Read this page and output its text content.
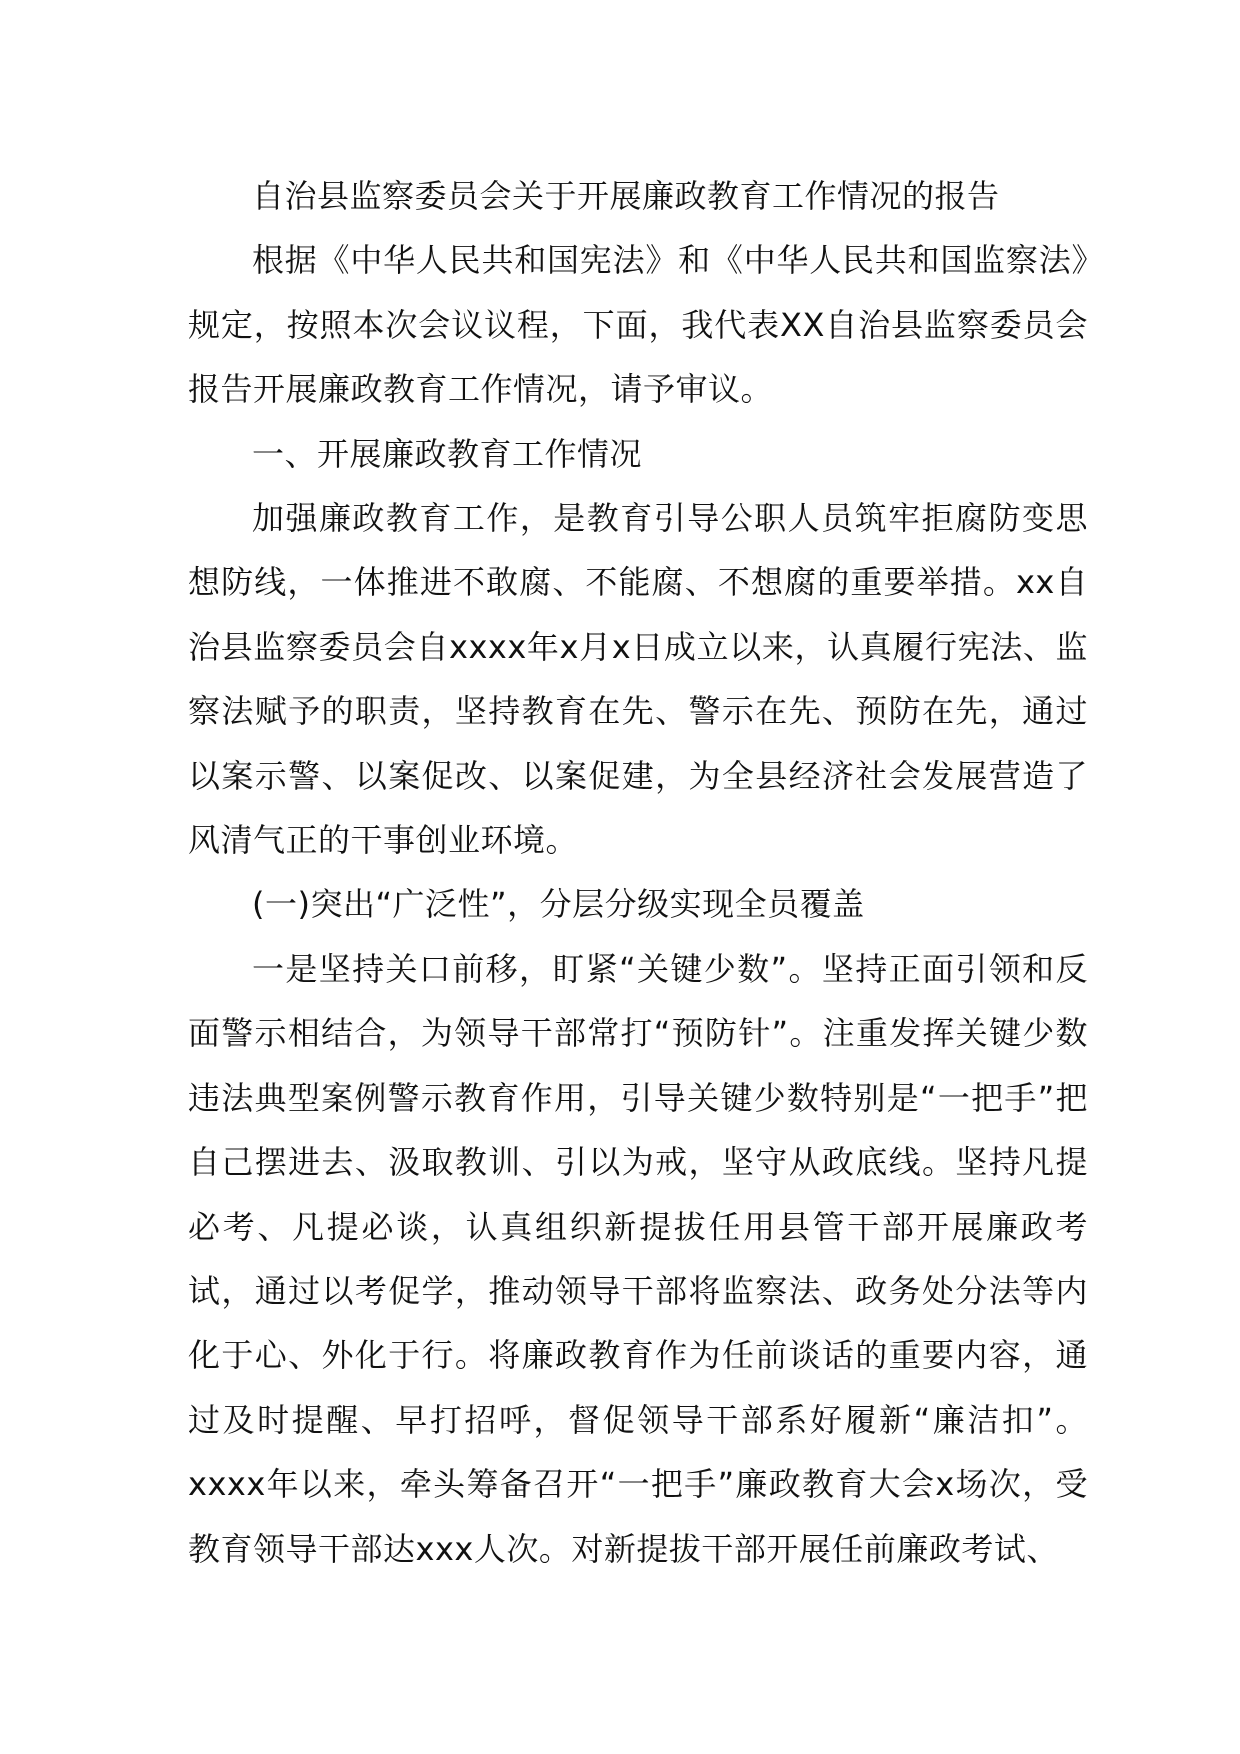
自治县监察委员会关于开展廉政教育工作情况的报告

根据《中华人民共和国宪法》和《中华人民共和国监察法》规定，按照本次会议议程，下面，我代表XX自治县监察委员会报告开展廉政教育工作情况，请予审议。

一、开展廉政教育工作情况

加强廉政教育工作，是教育引导公职人员筑牢拒腐防变思想防线，一体推进不敢腐、不能腐、不想腐的重要举措。xx自治县监察委员会自xxxx年x月x日成立以来，认真履行宪法、监察法赋予的职责，坚持教育在先、警示在先、预防在先，通过以案示警、以案促改、以案促建，为全县经济社会发展营造了风清气正的干事创业环境。

(一)突出“广泛性”，分层分级实现全员覆盖

一是坚持关口前移，盯紧“关键少数”。坚持正面引领和反面警示相结合，为领导干部常打“预防针”。注重发挥关键少数违法典型案例警示教育作用，引导关键少数特别是“一把手”把自己摆进去、汲取教训、引以为戒，坚守从政底线。坚持凡提必考、凡提必谈，认真组织新提拔任用县管干部开展廉政考试，通过以考促学，推动领导干部将监察法、政务处分法等内化于心、外化于行。将廉政教育作为任前谈话的重要内容，通过及时提醒、早打招呼，督促领导干部系好履新“廉洁扣”。xxxx年以来，牵头筹备召开“一把手”廉政教育大会x场次，受教育领导干部达xxx人次。对新提拔干部开展任前廉政考试、
